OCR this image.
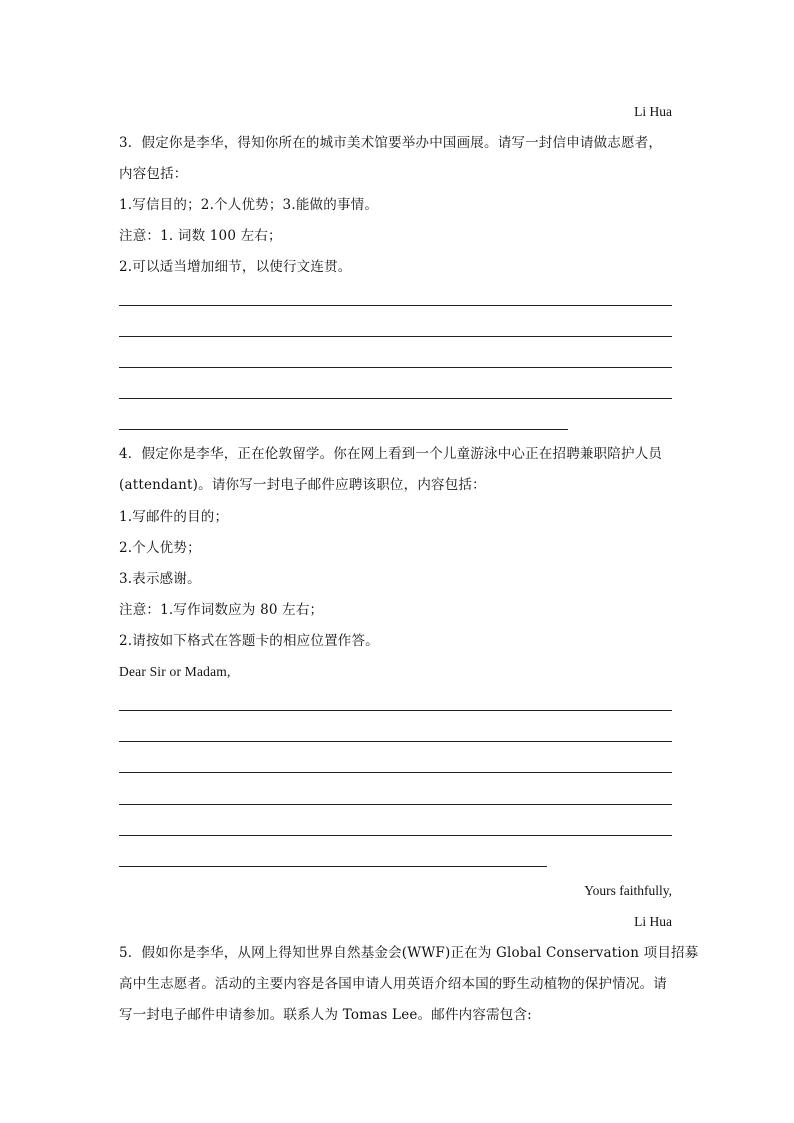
Li Hua
3．假定你是李华，得知你所在的城市美术馆要举办中国画展。请写一封信申请做志愿者，
内容包括：
1.写信目的；2.个人优势；3.能做的事情。
注意：1. 词数 100 左右；
2.可以适当增加细节，以使行文连贯。
4．假定你是李华，正在伦敦留学。你在网上看到一个儿童游泳中心正在招聘兼职陪护人员
(attendant)。请你写一封电子邮件应聘该职位，内容包括：
1.写邮件的目的；
2.个人优势；
3.表示感谢。
注意：1.写作词数应为 80 左右；
2.请按如下格式在答题卡的相应位置作答。
Dear Sir or Madam,
Yours faithfully,
Li Hua
5．假如你是李华，从网上得知世界自然基金会(WWF)正在为 Global Conservation 项目招募
高中生志愿者。活动的主要内容是各国申请人用英语介绍本国的野生动植物的保护情况。请
写一封电子邮件申请参加。联系人为 Tomas Lee。邮件内容需包含:
